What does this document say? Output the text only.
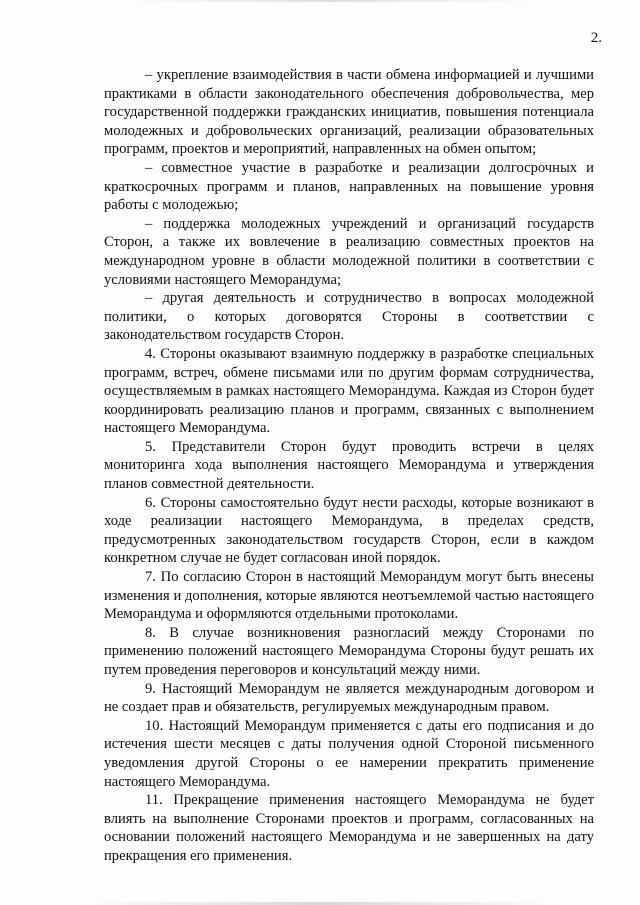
2.

– укрепление взаимодействия в части обмена информацией и лучшими практиками в области законодательного обеспечения добровольчества, мер государственной поддержки гражданских инициатив, повышения потенциала молодежных и добровольческих организаций, реализации образовательных программ, проектов и мероприятий, направленных на обмен опытом;

– совместное участие в разработке и реализации долгосрочных и краткосрочных программ и планов, направленных на повышение уровня работы с молодежью;

– поддержка молодежных учреждений и организаций государств Сторон, а также их вовлечение в реализацию совместных проектов на международном уровне в области молодежной политики в соответствии с условиями настоящего Меморандума;

– другая деятельность и сотрудничество в вопросах молодежной политики, о которых договорятся Стороны в соответствии с законодательством государств Сторон.

4. Стороны оказывают взаимную поддержку в разработке специальных программ, встреч, обмене письмами или по другим формам сотрудничества, осуществляемым в рамках настоящего Меморандума. Каждая из Сторон будет координировать реализацию планов и программ, связанных с выполнением настоящего Меморандума.

5. Представители Сторон будут проводить встречи в целях мониторинга хода выполнения настоящего Меморандума и утверждения планов совместной деятельности.

6. Стороны самостоятельно будут нести расходы, которые возникают в ходе реализации настоящего Меморандума, в пределах средств, предусмотренных законодательством государств Сторон, если в каждом конкретном случае не будет согласован иной порядок.

7. По согласию Сторон в настоящий Меморандум могут быть внесены изменения и дополнения, которые являются неотъемлемой частью настоящего Меморандума и оформляются отдельными протоколами.

8. В случае возникновения разногласий между Сторонами по применению положений настоящего Меморандума Стороны будут решать их путем проведения переговоров и консультаций между ними.

9. Настоящий Меморандум не является международным договором и не создает прав и обязательств, регулируемых международным правом.

10. Настоящий Меморандум применяется с даты его подписания и до истечения шести месяцев с даты получения одной Стороной письменного уведомления другой Стороны о ее намерении прекратить применение настоящего Меморандума.

11. Прекращение применения настоящего Меморандума не будет влиять на выполнение Сторонами проектов и программ, согласованных на основании положений настоящего Меморандума и не завершенных на дату прекращения его применения.
